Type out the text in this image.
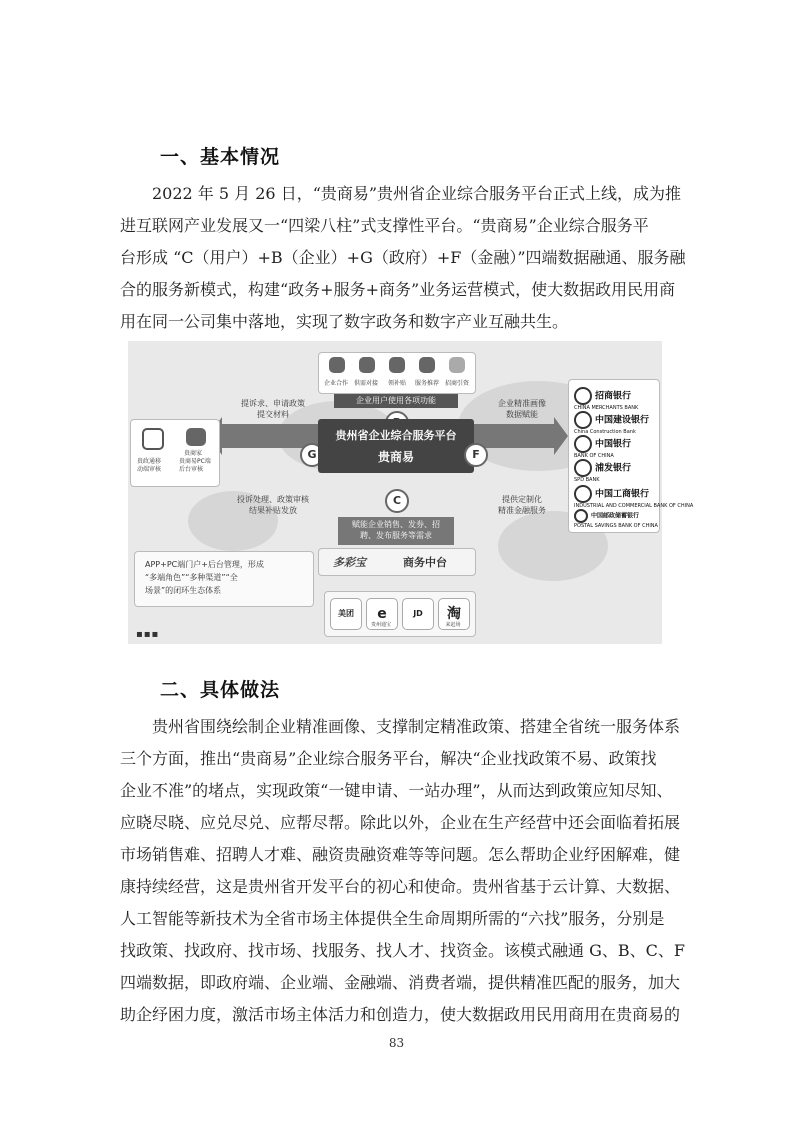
一、基本情况
2022 年 5 月 26 日，“贵商易”贵州省企业综合服务平台正式上线，成为推
进互联网产业发展又一“四梁八柱”式支撑性平台。“贵商易”企业综合服务平
台形成 “C（用户）+B（企业）+G（政府）+F（金融）”四端数据融通、服务融
合的服务新模式，构建“政务+服务+商务”业务运营模式，使大数据政用民用商
用在同一公司集中落地，实现了数字政务和数字产业互融共生。
企业合作 供需对接 领补贴 服务推荐 招商引资
企业用户使用各项功能
G
提诉求、申请政策
提交材料
投诉处理、政策审核
结果补贴发放
贵商家
贵政通移
动端审核
贵商易PC端
后台审核
贵州省企业综合服务平台
贵商易	F
企业精准画像
数据赋能
提供定制化
精准金融服务
招商银行
CHINA MERCHANTS BANK
中国建设银行
China Construction Bank
中国银行
BANK OF CHINA
浦发银行
SPD BANK
中国工商银行
INDUSTRIAL AND COMMERCIAL BANK OF CHINA
中国邮政储蓄银行
POSTAL SAVINGS BANK OF CHINA
C
赋能企业销售、发券、招
聘、发布服务等需求
多彩宝	商务中台
美团	e	JD	淘
贵州通宝	来赶场
APP+PC端门户+后台管理，形成
“多端角色”“多种渠道”“全
场景”的闭环生态体系
▪▪▪
二、具体做法
贵州省围绕绘制企业精准画像、支撑制定精准政策、搭建全省统一服务体系
三个方面，推出“贵商易”企业综合服务平台，解决“企业找政策不易、政策找
企业不准”的堵点，实现政策“一键申请、一站办理”，从而达到政策应知尽知、
应晓尽晓、应兑尽兑、应帮尽帮。除此以外，企业在生产经营中还会面临着拓展
市场销售难、招聘人才难、融资贵融资难等等问题。怎么帮助企业纾困解难，健
康持续经营，这是贵州省开发平台的初心和使命。贵州省基于云计算、大数据、
人工智能等新技术为全省市场主体提供全生命周期所需的“六找”服务，分别是
找政策、找政府、找市场、找服务、找人才、找资金。该模式融通 G、B、C、F
四端数据，即政府端、企业端、金融端、消费者端，提供精准匹配的服务，加大
助企纾困力度，激活市场主体活力和创造力，使大数据政用民用商用在贵商易的
83
